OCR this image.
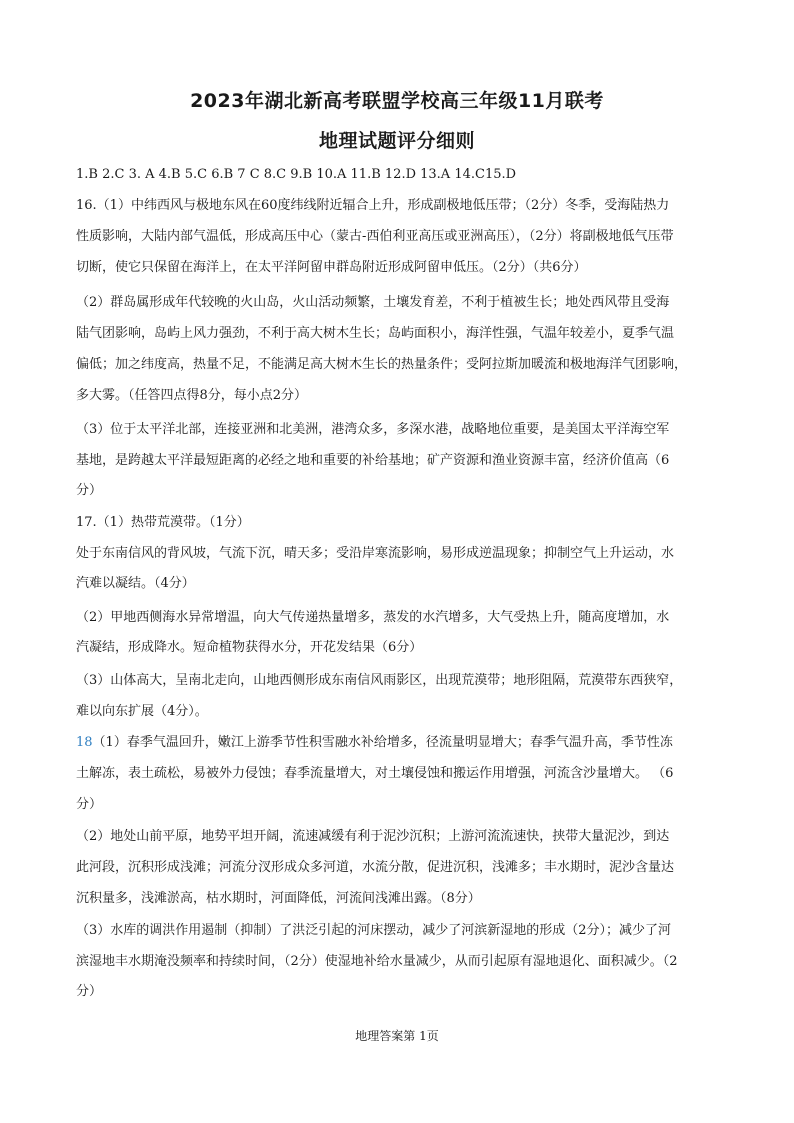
2023年湖北新高考联盟学校高三年级11月联考
地理试题评分细则
1.B 2.C 3. A 4.B 5.C 6.B 7 C 8.C 9.B 10.A 11.B 12.D 13.A 14.C15.D
16.（1）中纬西风与极地东风在60度纬线附近辐合上升，形成副极地低压带；（2分）冬季，受海陆热力
性质影响，大陆内部气温低，形成高压中心（蒙古-西伯利亚高压或亚洲高压），（2分）将副极地低气压带
切断，使它只保留在海洋上，在太平洋阿留申群岛附近形成阿留申低压。（2分）（共6分）
（2）群岛属形成年代较晚的火山岛，火山活动频繁，土壤发育差，不利于植被生长；地处西风带且受海
陆气团影响，岛屿上风力强劲，不利于高大树木生长；岛屿面积小，海洋性强，气温年较差小，夏季气温
偏低；加之纬度高，热量不足，不能满足高大树木生长的热量条件；受阿拉斯加暖流和极地海洋气团影响，
多大雾。（任答四点得8分，每小点2分）
（3）位于太平洋北部，连接亚洲和北美洲，港湾众多，多深水港，战略地位重要，是美国太平洋海空军
基地，是跨越太平洋最短距离的必经之地和重要的补给基地；矿产资源和渔业资源丰富，经济价值高（6
分）
17.（1）热带荒漠带。（1分）
处于东南信风的背风坡，气流下沉，晴天多；受沿岸寒流影响，易形成逆温现象；抑制空气上升运动，水
汽难以凝结。（4分）
（2）甲地西侧海水异常增温，向大气传递热量增多，蒸发的水汽增多，大气受热上升，随高度增加，水
汽凝结，形成降水。短命植物获得水分，开花发结果（6分）
（3）山体高大，呈南北走向，山地西侧形成东南信风雨影区，出现荒漠带；地形阻隔，荒漠带东西狭窄，
难以向东扩展（4分）。
18（1）春季气温回升，嫩江上游季节性积雪融水补给增多，径流量明显增大；春季气温升高，季节性冻
土解冻，表土疏松，易被外力侵蚀；春季流量增大，对土壤侵蚀和搬运作用增强，河流含沙量增大。 （6
分）
（2）地处山前平原，地势平坦开阔，流速减缓有利于泥沙沉积；上游河流流速快，挟带大量泥沙，到达
此河段，沉积形成浅滩；河流分汊形成众多河道，水流分散，促进沉积，浅滩多；丰水期时，泥沙含量达
沉积量多，浅滩淤高，枯水期时，河面降低，河流间浅滩出露。（8分）
（3）水库的调洪作用遏制（抑制）了洪泛引起的河床摆动，减少了河滨新湿地的形成（2分）；减少了河
滨湿地丰水期淹没频率和持续时间，（2分）使湿地补给水量减少，从而引起原有湿地退化、面积减少。（2
分）
地理答案第 1页
